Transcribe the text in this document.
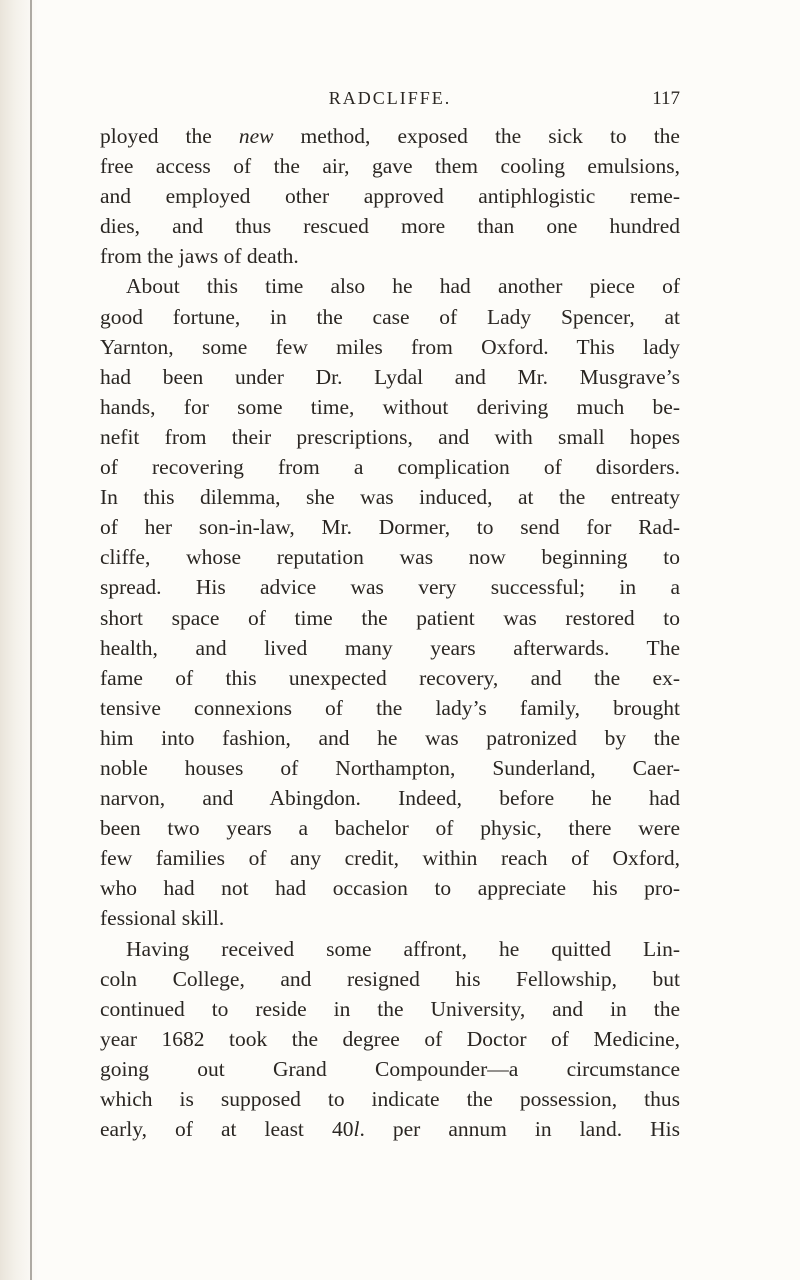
RADCLIFFE.	117
ployed the new method, exposed the sick to the
free access of the air, gave them cooling emulsions,
and employed other approved antiphlogistic reme-
dies, and thus rescued more than one hundred
from the jaws of death.
About this time also he had another piece of
good fortune, in the case of Lady Spencer, at
Yarnton, some few miles from Oxford. This lady
had been under Dr. Lydal and Mr. Musgrave’s
hands, for some time, without deriving much be-
nefit from their prescriptions, and with small hopes
of recovering from a complication of disorders.
In this dilemma, she was induced, at the entreaty
of her son-in-law, Mr. Dormer, to send for Rad-
cliffe, whose reputation was now beginning to
spread. His advice was very successful; in a
short space of time the patient was restored to
health, and lived many years afterwards. The
fame of this unexpected recovery, and the ex-
tensive connexions of the lady’s family, brought
him into fashion, and he was patronized by the
noble houses of Northampton, Sunderland, Caer-
narvon, and Abingdon. Indeed, before he had
been two years a bachelor of physic, there were
few families of any credit, within reach of Oxford,
who had not had occasion to appreciate his pro-
fessional skill.
Having received some affront, he quitted Lin-
coln College, and resigned his Fellowship, but
continued to reside in the University, and in the
year 1682 took the degree of Doctor of Medicine,
going out Grand Compounder—a circumstance
which is supposed to indicate the possession, thus
early, of at least 40l. per annum in land. His
